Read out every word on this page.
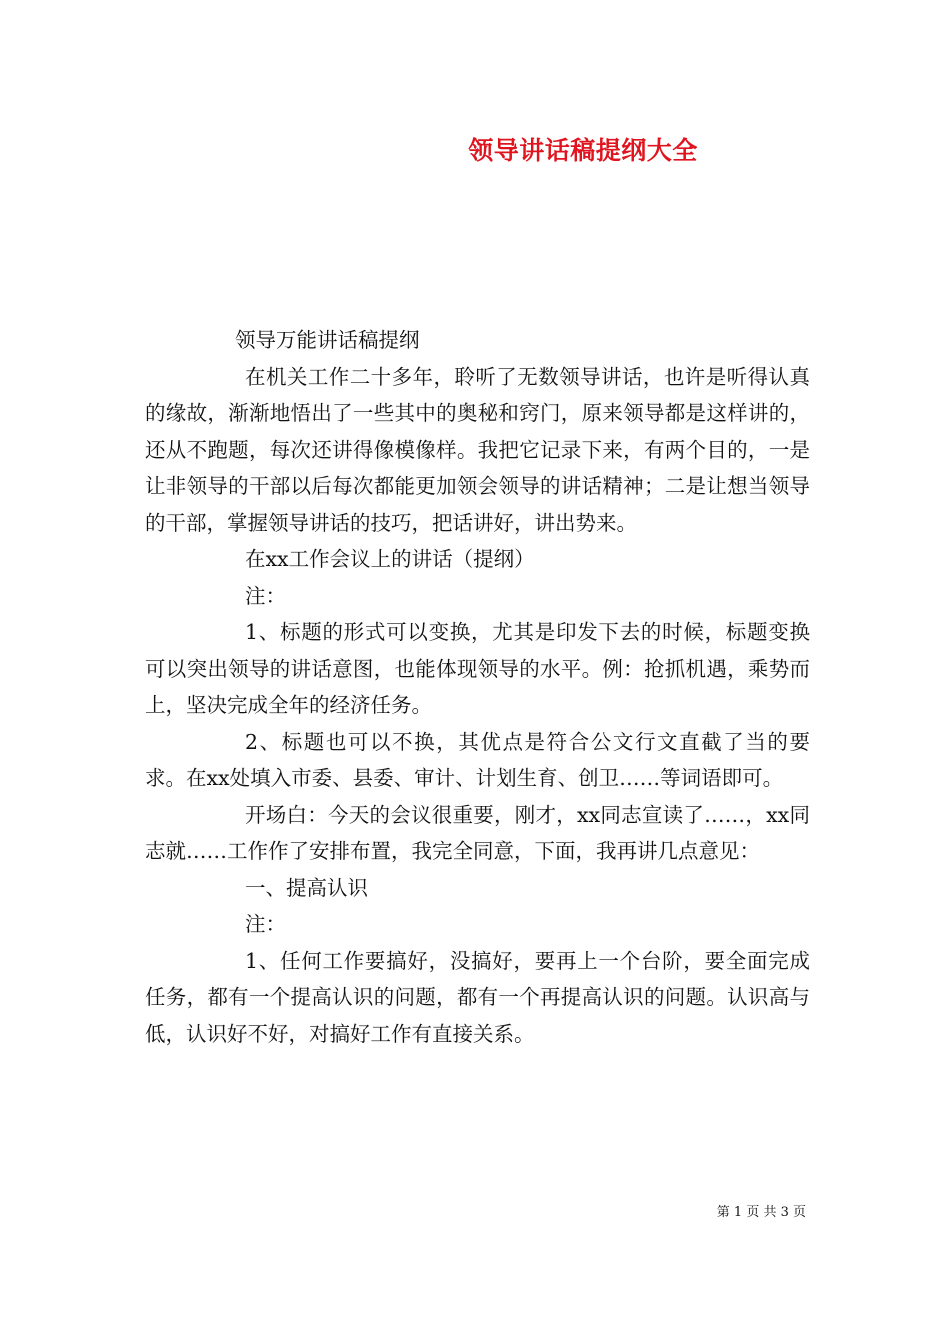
领导讲话稿提纲大全

领导万能讲话稿提纲

在机关工作二十多年，聆听了无数领导讲话，也许是听得认真的缘故，渐渐地悟出了一些其中的奥秘和窍门，原来领导都是这样讲的，还从不跑题，每次还讲得像模像样。我把它记录下来，有两个目的，一是让非领导的干部以后每次都能更加领会领导的讲话精神；二是让想当领导的干部，掌握领导讲话的技巧，把话讲好，讲出势来。

在xx工作会议上的讲话（提纲）

注：

1、标题的形式可以变换，尤其是印发下去的时候，标题变换可以突出领导的讲话意图，也能体现领导的水平。例：抢抓机遇，乘势而上，坚决完成全年的经济任务。

2、标题也可以不换，其优点是符合公文行文直截了当的要求。在xx处填入市委、县委、审计、计划生育、创卫……等词语即可。

开场白：今天的会议很重要，刚才，xx同志宣读了……，xx同志就……工作作了安排布置，我完全同意，下面，我再讲几点意见：

一、提高认识

注：

1、任何工作要搞好，没搞好，要再上一个台阶，要全面完成任务，都有一个提高认识的问题，都有一个再提高认识的问题。认识高与低，认识好不好，对搞好工作有直接关系。

第 1 页 共 3 页
